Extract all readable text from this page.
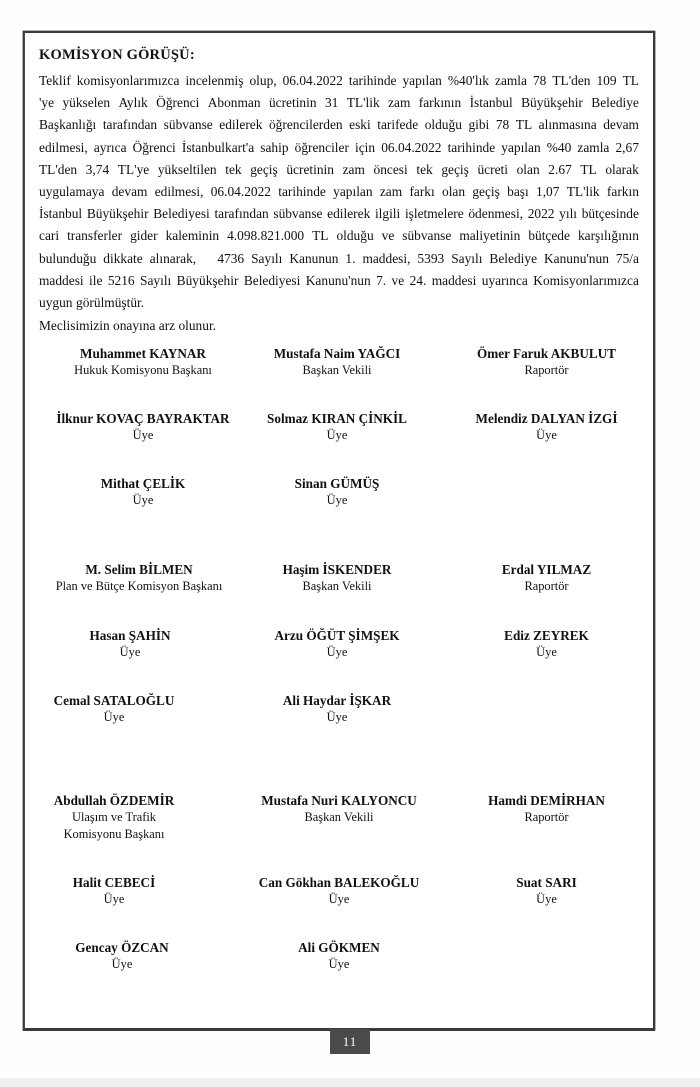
KOMİSYON GÖRÜŞÜ:
Teklif komisyonlarımızca incelenmiş olup, 06.04.2022 tarihinde yapılan %40'lık zamla 78 TL'den 109 TL
'ye yükselen Aylık Öğrenci Abonman ücretinin 31 TL'lik zam farkının İstanbul Büyükşehir Belediye
Başkanlığı tarafından sübvanse edilerek öğrencilerden eski tarifede olduğu gibi 78 TL alınmasına devam
edilmesi, ayrıca Öğrenci İstanbulkart'a sahip öğrenciler için 06.04.2022 tarihinde yapılan %40 zamla 2,67
TL'den 3,74 TL'ye yükseltilen tek geçiş ücretinin zam öncesi tek geçiş ücreti olan 2.67 TL olarak
uygulamaya devam edilmesi, 06.04.2022 tarihinde yapılan zam farkı olan geçiş başı 1,07 TL'lik farkın
İstanbul Büyükşehir Belediyesi tarafından sübvanse edilerek ilgili işletmelere ödenmesi, 2022 yılı bütçesinde
cari transferler gider kaleminin 4.098.821.000 TL olduğu ve sübvanse maliyetinin bütçede karşılığının
bulunduğu dikkate alınarak, 4736 Sayılı Kanunun 1. maddesi, 5393 Sayılı Belediye Kanunu'nun 75/a
maddesi ile 5216 Sayılı Büyükşehir Belediyesi Kanunu'nun 7. ve 24. maddesi uyarınca Komisyonlarımızca
uygun görülmüştür.
Meclisimizin onayına arz olunur.
Muhammet KAYNAR
Hukuk Komisyonu Başkanı
Mustafa Naim YAĞCI
Başkan Vekili
Ömer Faruk AKBULUT
Raportör
İlknur KOVAÇ BAYRAKTAR
Üye
Solmaz KIRAN ÇİNKİL
Üye
Melendiz DALYAN İZGİ
Üye
Mithat ÇELİK
Üye
Sinan GÜMÜŞ
Üye
M. Selim BİLMEN
Plan ve Bütçe Komisyon Başkanı
Haşim İSKENDER
Başkan Vekili
Erdal YILMAZ
Raportör
Hasan ŞAHİN
Üye
Arzu ÖĞÜT ŞİMŞEK
Üye
Ediz ZEYREK
Üye
Cemal SATALOĞLU
Üye
Ali Haydar İŞKAR
Üye
Abdullah ÖZDEMİR
Ulaşım ve Trafik
Komisyonu Başkanı
Mustafa Nuri KALYONCU
Başkan Vekili
Hamdi DEMİRHAN
Raportör
Halit CEBECİ
Üye
Can Gökhan BALEKOĞLU
Üye
Suat SARI
Üye
Gencay ÖZCAN
Üye
Ali GÖKMEN
Üye
11
